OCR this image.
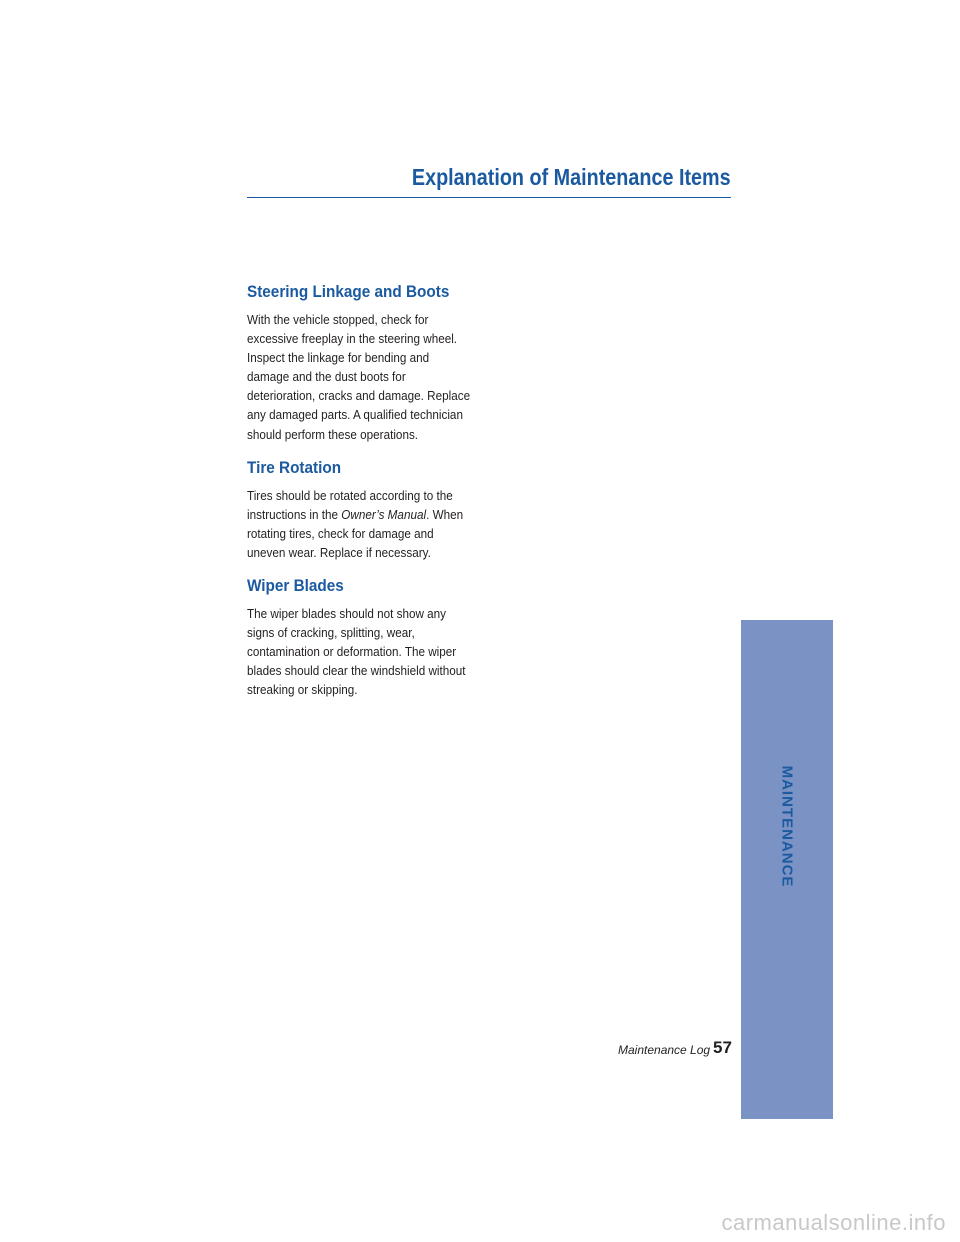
Explanation of Maintenance Items
Steering Linkage and Boots
With the vehicle stopped, check for
excessive freeplay in the steering wheel.
Inspect the linkage for bending and
damage and the dust boots for
deterioration, cracks and damage. Replace
any damaged parts. A qualified technician
should perform these operations.
Tire Rotation
Tires should be rotated according to the
instructions in the Owner’s Manual. When
rotating tires, check for damage and
uneven wear. Replace if necessary.
Wiper Blades
The wiper blades should not show any
signs of cracking, splitting, wear,
contamination or deformation. The wiper
blades should clear the windshield without
streaking or skipping.
MAINTENANCE
Maintenance Log 57
carmanualsonline.info
